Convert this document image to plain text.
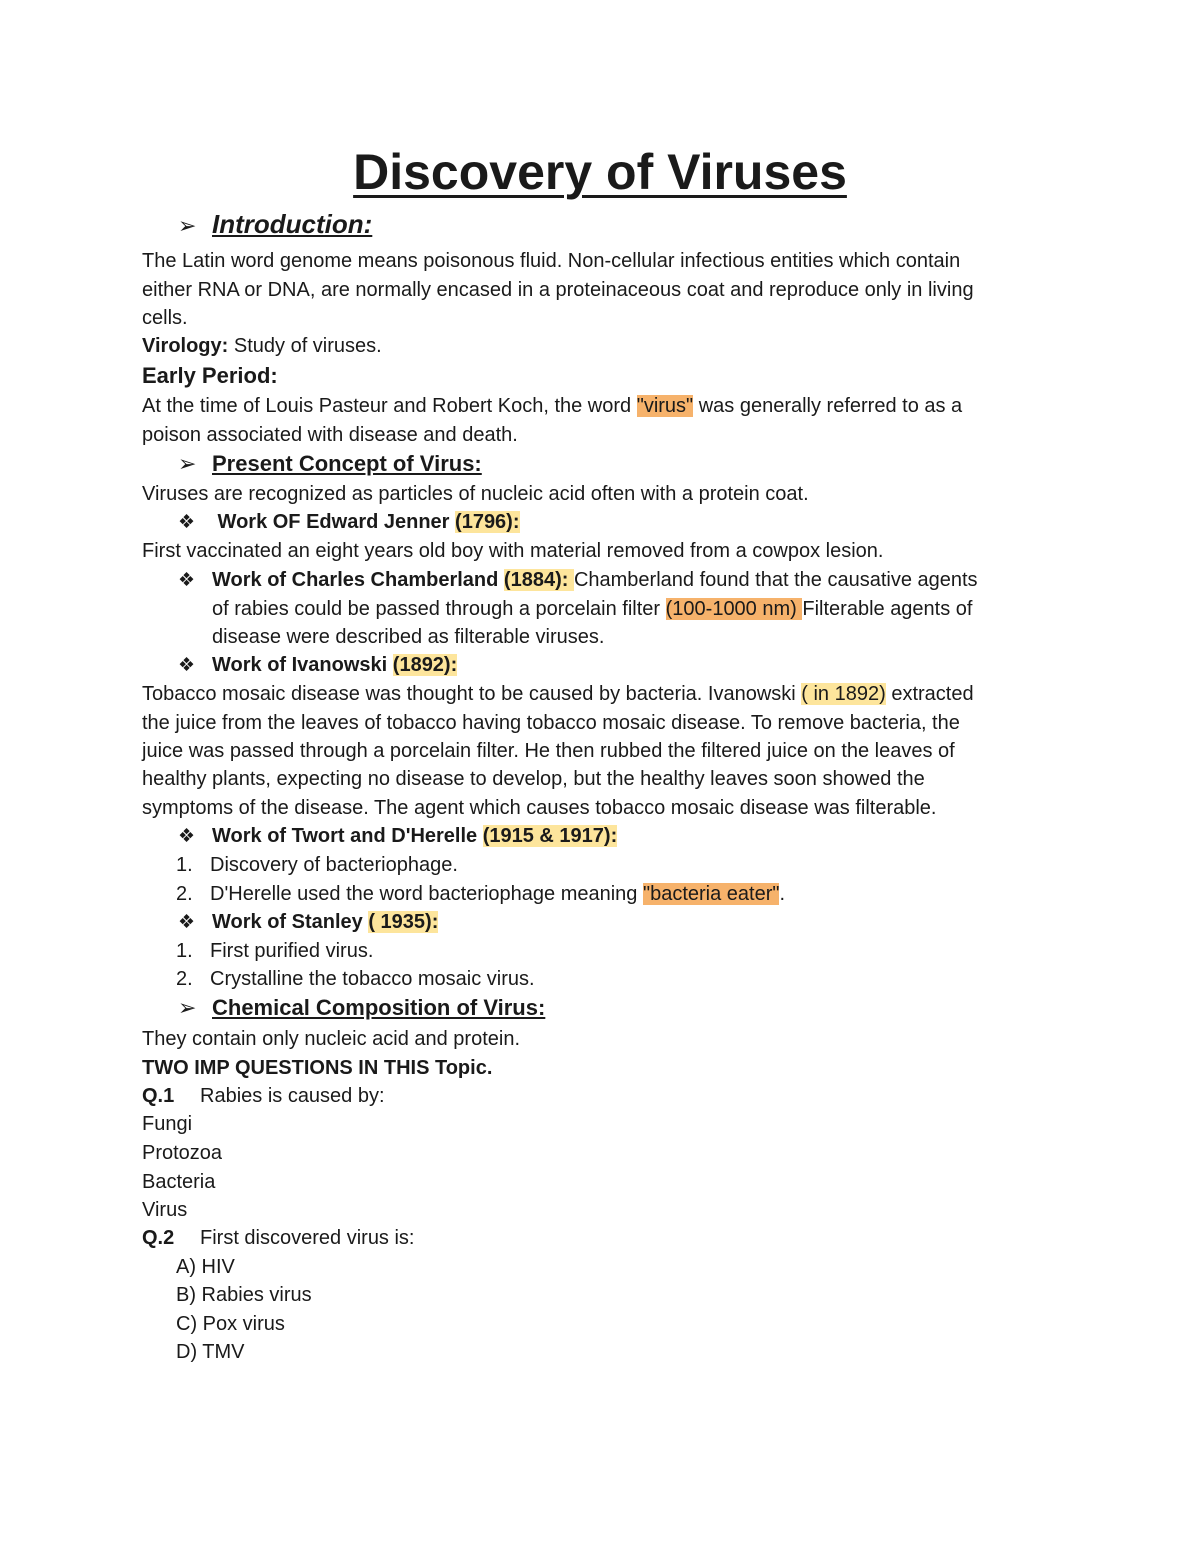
Discovery of Viruses
➢ Introduction:
The Latin word genome means poisonous fluid. Non-cellular infectious entities which contain
either RNA or DNA, are normally encased in a proteinaceous coat and reproduce only in living
cells.
Virology: Study of viruses.
Early Period:
At the time of Louis Pasteur and Robert Koch, the word "virus" was generally referred to as a
poison associated with disease and death.
➢ Present Concept of Virus:
Viruses are recognized as particles of nucleic acid often with a protein coat.
❖ Work OF Edward Jenner (1796):
First vaccinated an eight years old boy with material removed from a cowpox lesion.
❖ Work of Charles Chamberland (1884): Chamberland found that the causative agents
of rabies could be passed through a porcelain filter (100-1000 nm) Filterable agents of
disease were described as filterable viruses.
❖ Work of Ivanowski (1892):
Tobacco mosaic disease was thought to be caused by bacteria. Ivanowski ( in 1892) extracted
the juice from the leaves of tobacco having tobacco mosaic disease. To remove bacteria, the
juice was passed through a porcelain filter. He then rubbed the filtered juice on the leaves of
healthy plants, expecting no disease to develop, but the healthy leaves soon showed the
symptoms of the disease. The agent which causes tobacco mosaic disease was filterable.
❖ Work of Twort and D'Herelle (1915 & 1917):
1. Discovery of bacteriophage.
2. D'Herelle used the word bacteriophage meaning "bacteria eater".
❖ Work of Stanley ( 1935):
1. First purified virus.
2. Crystalline the tobacco mosaic virus.
➢ Chemical Composition of Virus:
They contain only nucleic acid and protein.
TWO IMP QUESTIONS IN THIS Topic.
Q.1 Rabies is caused by:
Fungi
Protozoa
Bacteria
Virus
Q.2 First discovered virus is:
A) HIV
B) Rabies virus
C) Pox virus
D) TMV
